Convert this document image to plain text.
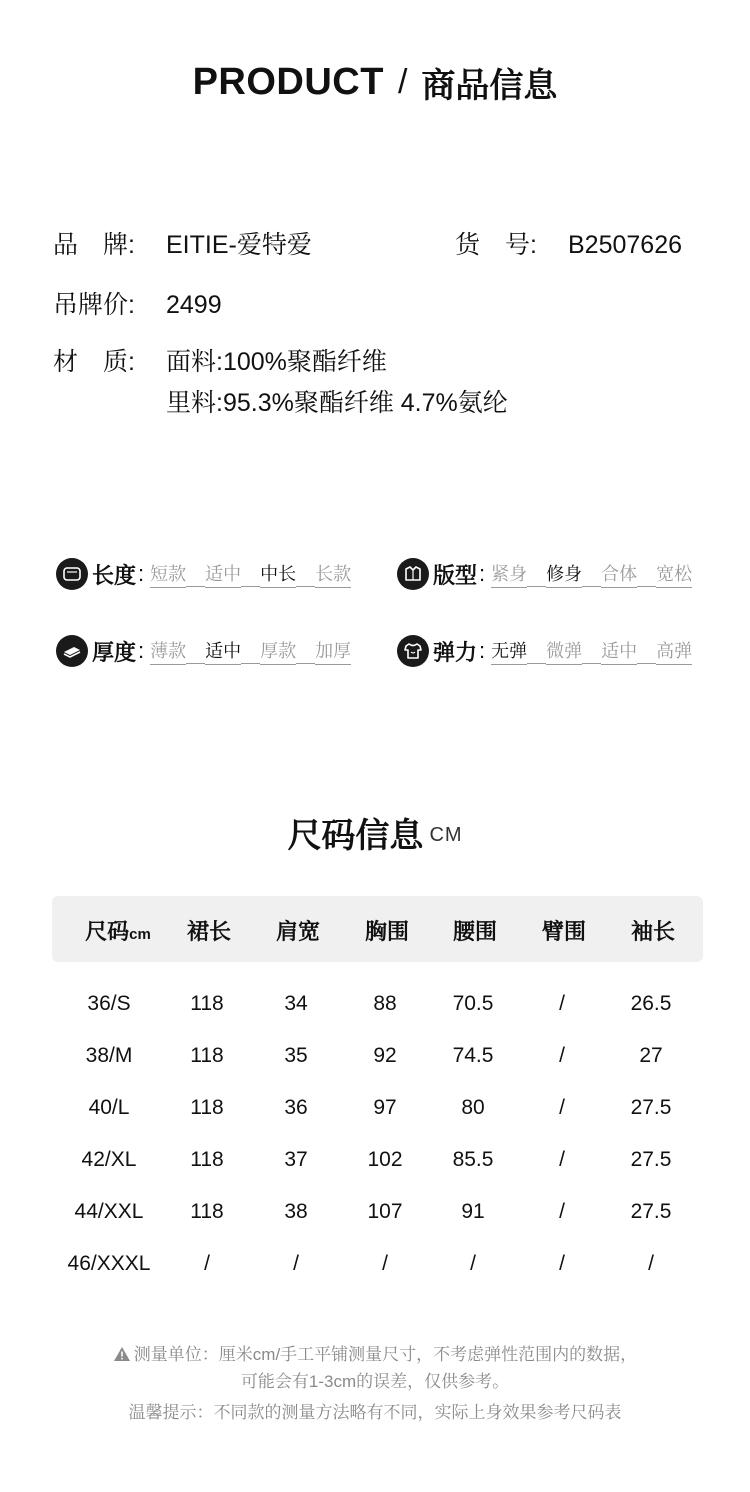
PRODUCT / 商品信息
品　牌: EITIE-爱特爱	货　号: B2507626
吊牌价: 2499
材　质: 面料:100%聚酯纤维
里料:95.3%聚酯纤维 4.7%氨纶
长度 : 短款 适中 中长 长款	版型 : 紧身 修身 合体 宽松
厚度 : 薄款 适中 厚款 加厚	弹力 : 无弹 微弹 适中 高弹
尺码信息 CM
尺码cm	裙长	肩宽	胸围	腰围	臂围	袖长
36/S	118	34	88	70.5	/	26.5
38/M	118	35	92	74.5	/	27
40/L	118	36	97	80	/	27.5
42/XL	118	37	102	85.5	/	27.5
44/XXL	118	38	107	91	/	27.5
46/XXXL	/	/	/	/	/	/
测量单位：厘米cm/手工平铺测量尺寸，不考虑弹性范围内的数据，
可能会有1-3cm的误差，仅供参考。
温馨提示：不同款的测量方法略有不同，实际上身效果参考尺码表
